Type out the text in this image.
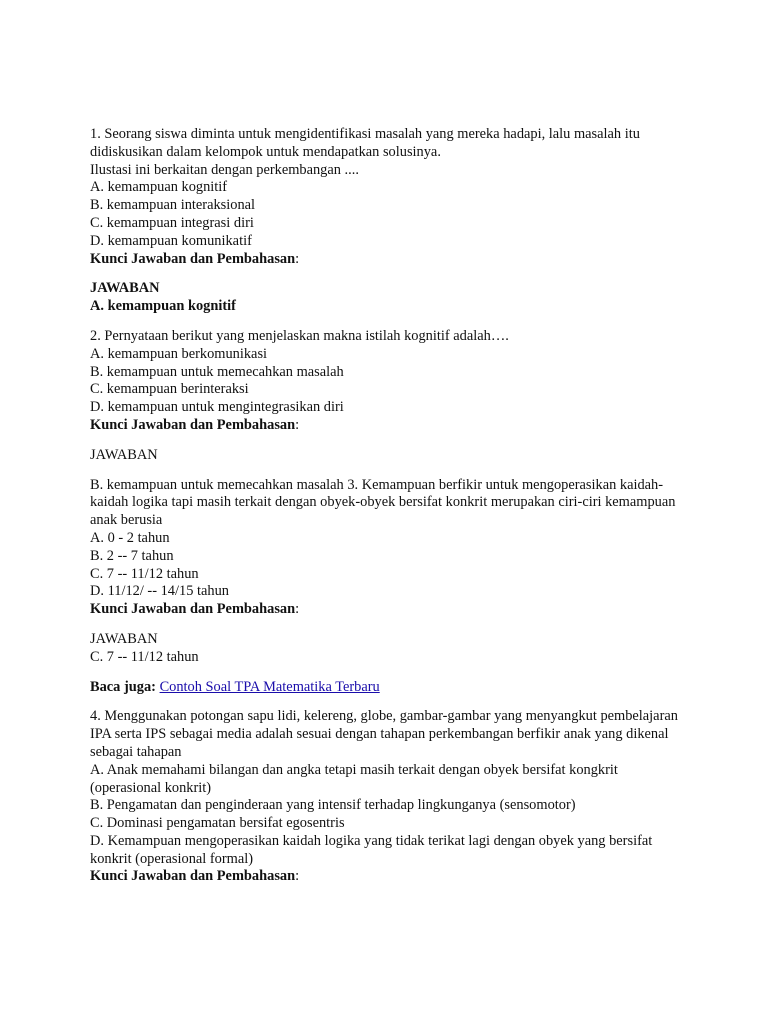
1. Seorang siswa diminta untuk mengidentifikasi masalah yang mereka hadapi, lalu masalah itu didiskusikan dalam kelompok untuk mendapatkan solusinya.
Ilustasi ini berkaitan dengan perkembangan ....
A. kemampuan kognitif
B. kemampuan interaksional
C. kemampuan integrasi diri
D. kemampuan komunikatif
Kunci Jawaban dan Pembahasan:
JAWABAN
A. kemampuan kognitif
2. Pernyataan berikut yang menjelaskan makna istilah kognitif adalah….
A. kemampuan berkomunikasi
B. kemampuan untuk memecahkan masalah
C. kemampuan berinteraksi
D. kemampuan untuk mengintegrasikan diri
Kunci Jawaban dan Pembahasan:
JAWABAN
B. kemampuan untuk memecahkan masalah 3. Kemampuan berfikir untuk mengoperasikan kaidah-kaidah logika tapi masih terkait dengan obyek-obyek bersifat konkrit merupakan ciri-ciri kemampuan anak berusia
A. 0 - 2 tahun
B. 2 -- 7 tahun
C. 7 -- 11/12 tahun
D. 11/12/ -- 14/15 tahun
Kunci Jawaban dan Pembahasan:
JAWABAN
C. 7 -- 11/12 tahun
Baca juga: Contoh Soal TPA Matematika Terbaru
4. Menggunakan potongan sapu lidi, kelereng, globe, gambar-gambar yang menyangkut pembelajaran IPA serta IPS sebagai media adalah sesuai dengan tahapan perkembangan berfikir anak yang dikenal sebagai tahapan
A. Anak memahami bilangan dan angka tetapi masih terkait dengan obyek bersifat kongkrit (operasional konkrit)
B. Pengamatan dan penginderaan yang intensif terhadap lingkunganya (sensomotor)
C. Dominasi pengamatan bersifat egosentris
D. Kemampuan mengoperasikan kaidah logika yang tidak terikat lagi dengan obyek yang bersifat konkrit (operasional formal)
Kunci Jawaban dan Pembahasan:
